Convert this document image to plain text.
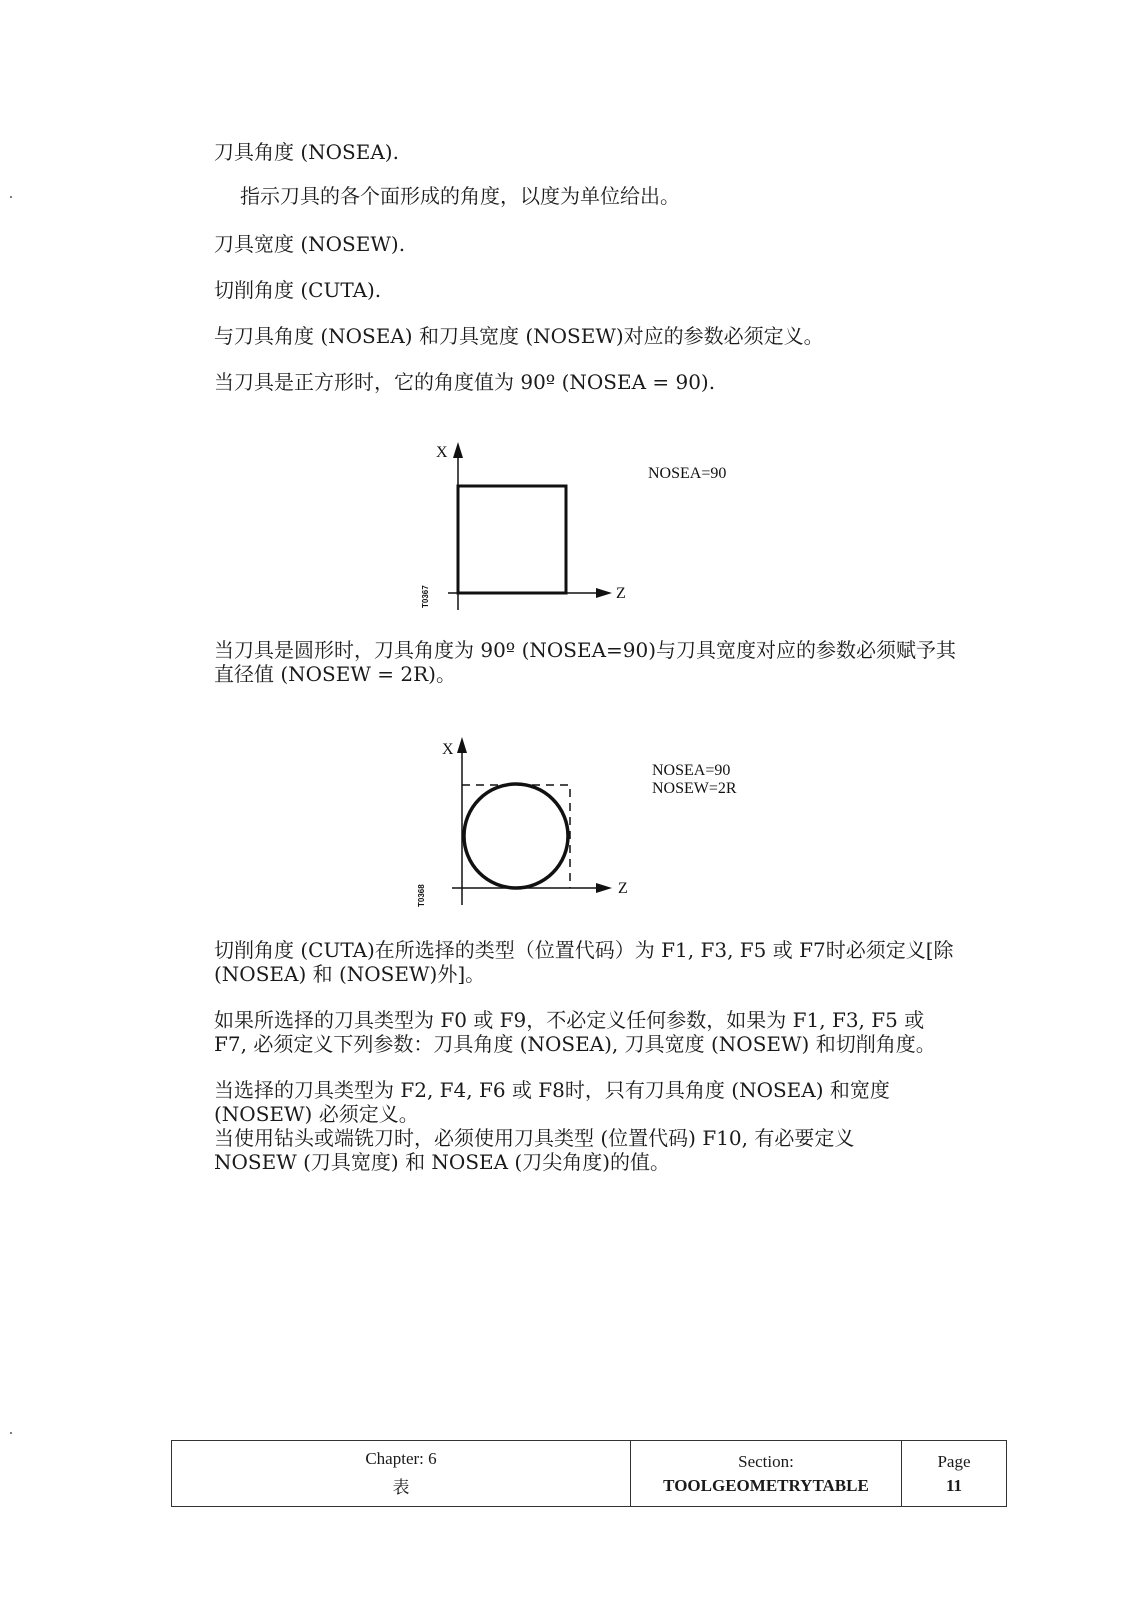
刀具角度 (NOSEA).
指示刀具的各个面形成的角度，以度为单位给出。
刀具宽度 (NOSEW).
切削角度 (CUTA).
与刀具角度 (NOSEA) 和刀具宽度 (NOSEW)对应的参数必须定义。
当刀具是正方形时，它的角度值为 90º (NOSEA = 90).
X
Z
NOSEA=90
T0367
当刀具是圆形时，刀具角度为 90º (NOSEA=90)与刀具宽度对应的参数必须赋予其
直径值 (NOSEW = 2R)。
X
Z
NOSEA=90
NOSEW=2R
T0368
切削角度 (CUTA)在所选择的类型（位置代码）为 F1, F3, F5 或 F7时必须定义[除
(NOSEA) 和 (NOSEW)外]。
如果所选择的刀具类型为 F0 或 F9，不必定义任何参数，如果为 F1, F3, F5 或
F7, 必须定义下列参数：刀具角度 (NOSEA), 刀具宽度 (NOSEW) 和切削角度。
当选择的刀具类型为 F2, F4, F6 或 F8时，只有刀具角度 (NOSEA) 和宽度
(NOSEW) 必须定义。
当使用钻头或端铣刀时，必须使用刀具类型 (位置代码) F10, 有必要定义
NOSEW (刀具宽度) 和 NOSEA (刀尖角度)的值。
Chapter: 6
表
Section:
TOOLGEOMETRYTABLE
Page
11
